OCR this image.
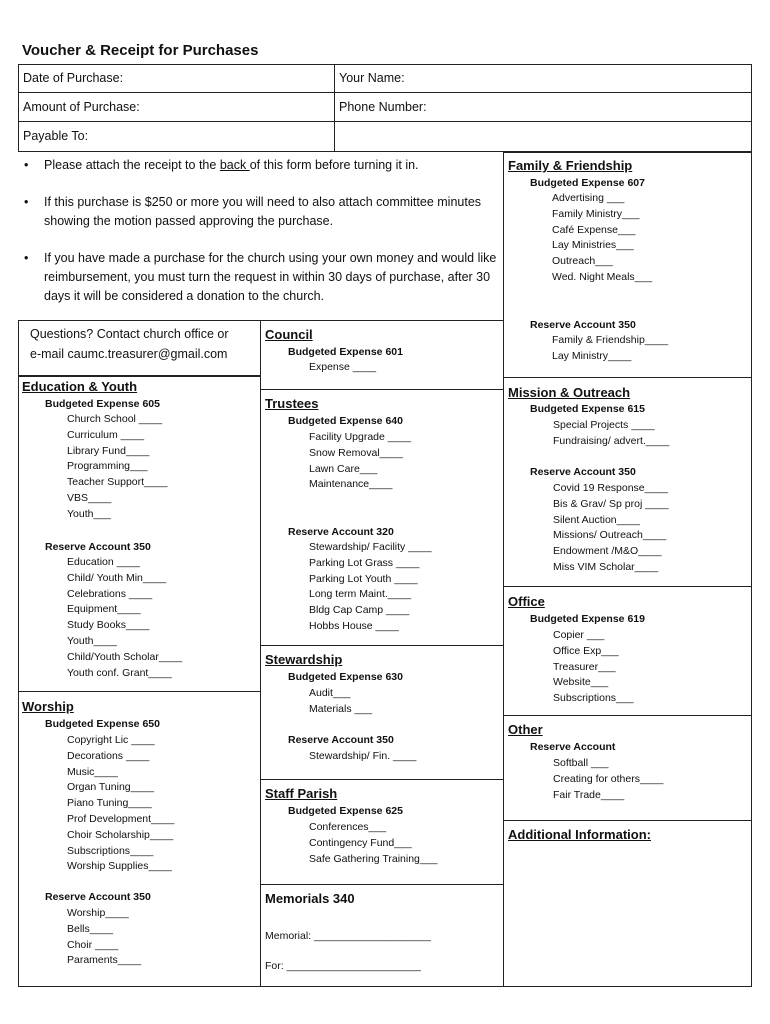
Voucher & Receipt for Purchases
Date of Purchase:	Your Name:
Amount of Purchase:	Phone Number:
Payable To:
• Please attach the receipt to the back of this form before turning it in.
• If this purchase is $250 or more you will need to also attach committee minutes showing the motion passed approving the purchase.
• If you have made a purchase for the church using your own money and would like reimbursement, you must turn the request in within 30 days of purchase, after 30 days it will be considered a donation to the church.
Questions? Contact church office or
e-mail caumc.treasurer@gmail.com
Education & Youth
Budgeted Expense 605
Church School ____
Curriculum ____
Library Fund____
Programming___
Teacher Support____
VBS____
Youth___
Reserve Account 350
Education ____
Child/ Youth Min____
Celebrations ____
Equipment____
Study Books____
Youth____
Child/Youth Scholar____
Youth conf. Grant____
Worship
Budgeted Expense 650
Copyright Lic ____
Decorations ____
Music____
Organ Tuning____
Piano Tuning____
Prof Development____
Choir Scholarship____
Subscriptions____
Worship Supplies____
Reserve Account 350
Worship____
Bells____
Choir ____
Paraments____
Council
Budgeted Expense 601
Expense ____
Trustees
Budgeted Expense 640
Facility Upgrade ____
Snow Removal____
Lawn Care___
Maintenance____
Reserve Account 320
Stewardship/ Facility ____
Parking Lot Grass ____
Parking Lot Youth ____
Long term Maint.____
Bldg Cap Camp ____
Hobbs House ____
Stewardship
Budgeted Expense 630
Audit___
Materials ___
Reserve Account 350
Stewardship/ Fin. ____
Staff Parish
Budgeted Expense 625
Conferences___
Contingency Fund___
Safe Gathering Training___
Memorials 340
Memorial: ____________________
For: _______________________
Family & Friendship
Budgeted Expense 607
Advertising ___
Family Ministry___
Café Expense___
Lay Ministries___
Outreach___
Wed. Night Meals___
Reserve Account 350
Family & Friendship____
Lay Ministry____
Mission & Outreach
Budgeted Expense 615
Special Projects ____
Fundraising/ advert.____
Reserve Account 350
Covid 19 Response____
Bis & Grav/ Sp proj ____
Silent Auction____
Missions/ Outreach____
Endowment /M&O____
Miss VIM Scholar____
Office
Budgeted Expense 619
Copier ___
Office Exp___
Treasurer___
Website___
Subscriptions___
Other
Reserve Account
Softball ___
Creating for others____
Fair Trade____
Additional Information:
